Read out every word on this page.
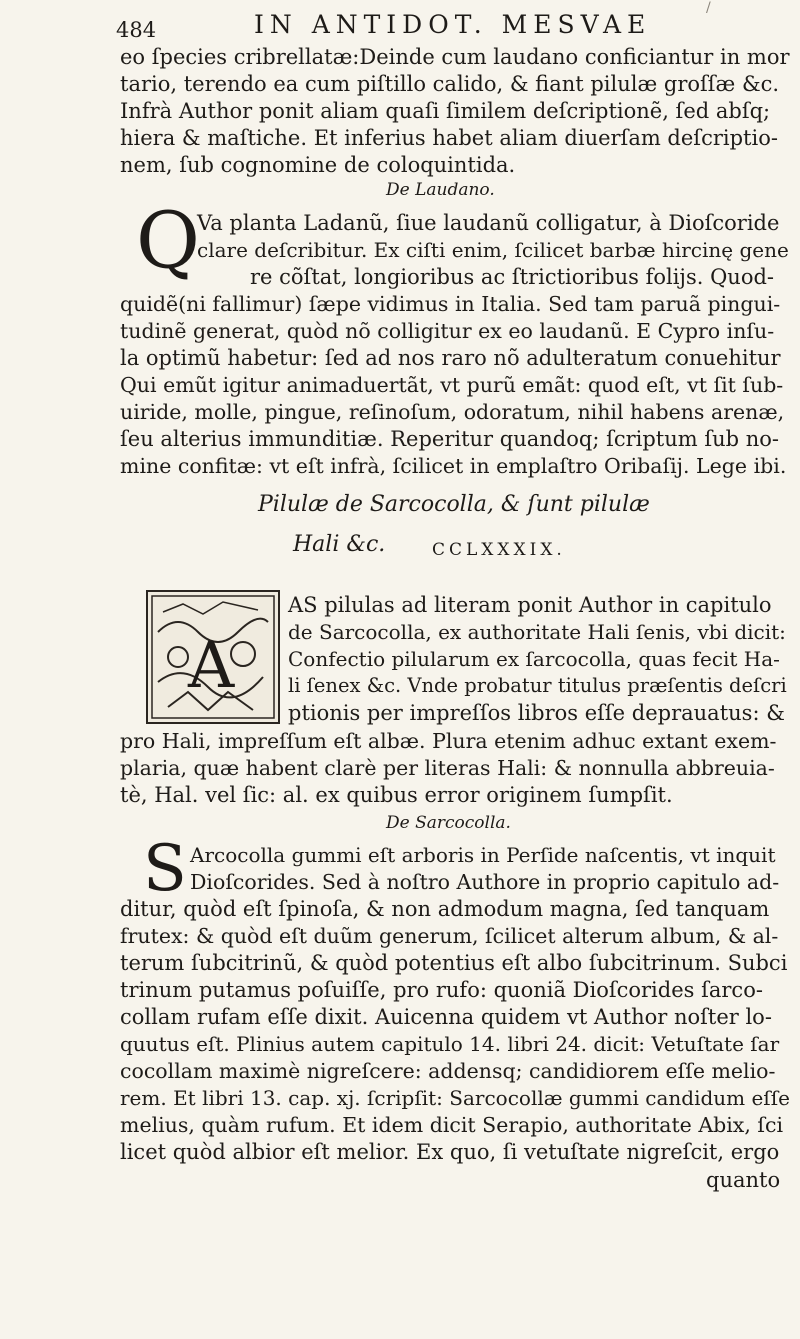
484	IN ANTIDOT. MESVAE
/
eo ſpecies cribrellatæ:Deinde cum laudano conficiantur in mor
tario, terendo ea cum piſtillo calido, & fiant pilulæ groſſæ &c.
Infrà Author ponit aliam quaſi ſimilem deſcriptionẽ, ſed abſq;
hiera & maſtiche. Et inferius habet aliam diuerſam deſcriptio-
nem, ſub cognomine de coloquintida.
De Laudano.
Q
Va planta Ladanũ, ſiue laudanũ colligatur, à Dioſcoride
clare deſcribitur. Ex ciſti enim, ſcilicet barbæ hircinę gene
re cõſtat, longioribus ac ſtrictioribus folijs. Quod-
quidẽ(ni fallimur) ſæpe vidimus in Italia. Sed tam paruã pingui-
tudinẽ generat, quòd nõ colligitur ex eo laudanũ. E Cypro inſu-
la optimũ habetur: ſed ad nos raro nõ adulteratum conuehitur
Qui emũt igitur animaduertãt, vt purũ emãt: quod eſt, vt ſit ſub-
uiride, molle, pingue, reſinoſum, odoratum, nihil habens arenæ,
ſeu alterius immunditiæ. Reperitur quandoq; ſcriptum ſub no-
mine confitæ: vt eſt infrà, ſcilicet in emplaſtro Oribaſij. Lege ibi.
Pilulæ de Sarcocolla, & ſunt pilulæ
Hali &c.	CCLXXXIX.
A
AS pilulas ad literam ponit Author in capitulo
de Sarcocolla, ex authoritate Hali ſenis, vbi dicit:
Confectio pilularum ex ſarcocolla, quas fecit Ha-
li ſenex &c. Vnde probatur titulus præſentis deſcri
ptionis per impreſſos libros eſſe deprauatus: &
pro Hali, impreſſum eſt albæ. Plura etenim adhuc extant exem-
plaria, quæ habent clarè per literas Hali: & nonnulla abbreuia-
tè, Hal. vel ſic: al. ex quibus error originem ſumpſit.
De Sarcocolla.
S Arcocolla gummi eſt arboris in Perſide naſcentis, vt inquit
Dioſcorides. Sed à noſtro Authore in proprio capitulo ad-
ditur, quòd eſt ſpinoſa, & non admodum magna, ſed tanquam
frutex: & quòd eſt duũm generum, ſcilicet alterum album, & al-
terum ſubcitrinũ, & quòd potentius eſt albo ſubcitrinum. Subci
trinum putamus poſuiſſe, pro rufo: quoniã Dioſcorides ſarco-
collam rufam eſſe dixit. Auicenna quidem vt Author noſter lo-
quutus eſt. Plinius autem capitulo 14. libri 24. dicit: Vetuſtate ſar
cocollam maximè nigreſcere: addensq; candidiorem eſſe melio-
rem. Et libri 13. cap. xj. ſcripſit: Sarcocollæ gummi candidum eſſe
melius, quàm rufum. Et idem dicit Serapio, authoritate Abix, ſci
licet quòd albior eſt melior. Ex quo, ſi vetuſtate nigreſcit, ergo
quanto
